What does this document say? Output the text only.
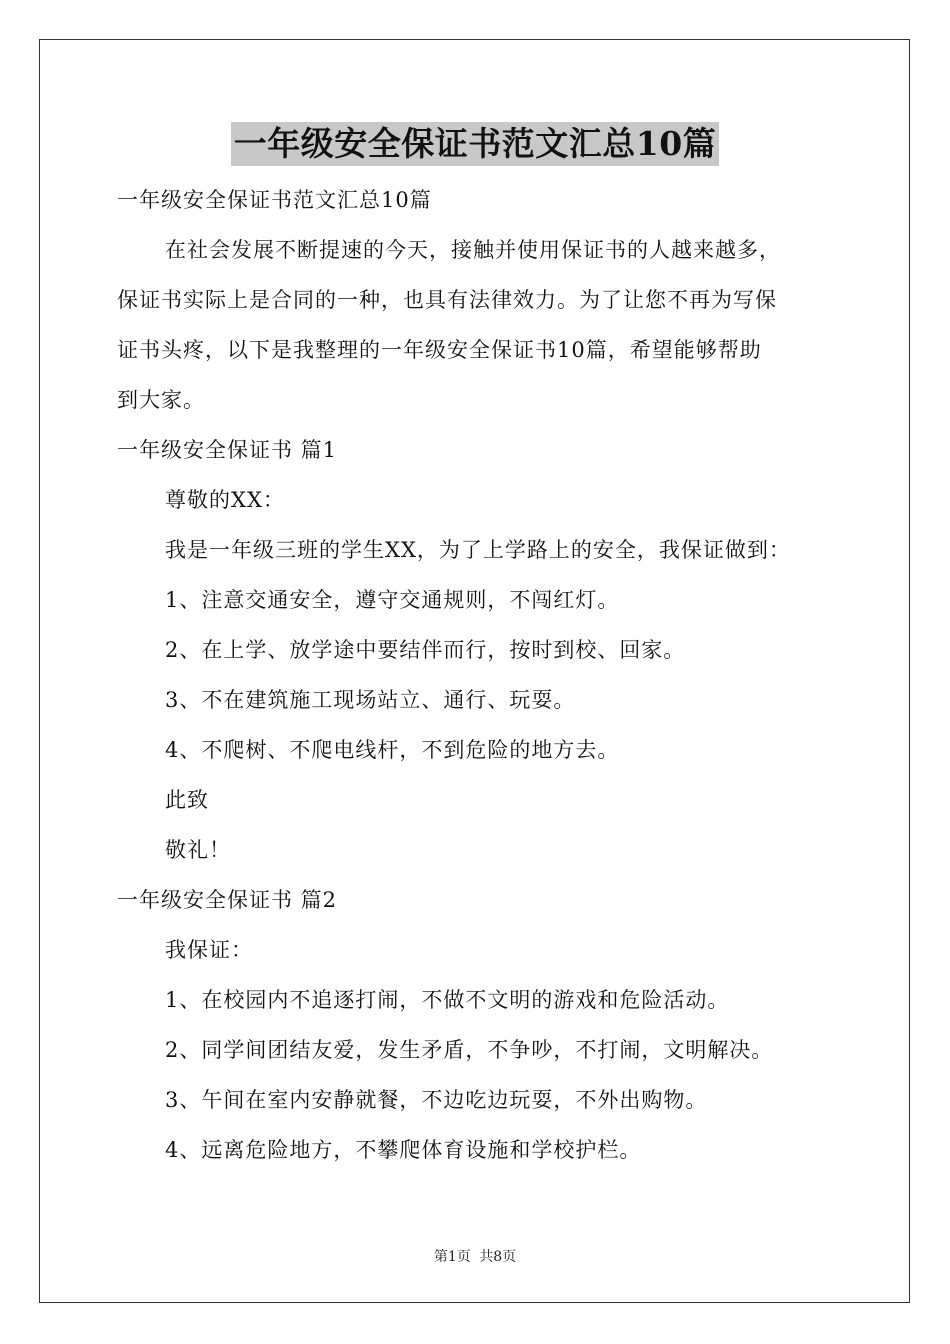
一年级安全保证书范文汇总10篇
一年级安全保证书范文汇总10篇
在社会发展不断提速的今天，接触并使用保证书的人越来越多，
保证书实际上是合同的一种，也具有法律效力。为了让您不再为写保
证书头疼，以下是我整理的一年级安全保证书10篇，希望能够帮助
到大家。
一年级安全保证书 篇1
尊敬的XX：
我是一年级三班的学生XX，为了上学路上的安全，我保证做到：
1、注意交通安全，遵守交通规则，不闯红灯。
2、在上学、放学途中要结伴而行，按时到校、回家。
3、不在建筑施工现场站立、通行、玩耍。
4、不爬树、不爬电线杆，不到危险的地方去。
此致
敬礼！
一年级安全保证书 篇2
我保证：
1、在校园内不追逐打闹，不做不文明的游戏和危险活动。
2、同学间团结友爱，发生矛盾，不争吵，不打闹，文明解决。
3、午间在室内安静就餐，不边吃边玩耍，不外出购物。
4、远离危险地方，不攀爬体育设施和学校护栏。
第1页 共8页
